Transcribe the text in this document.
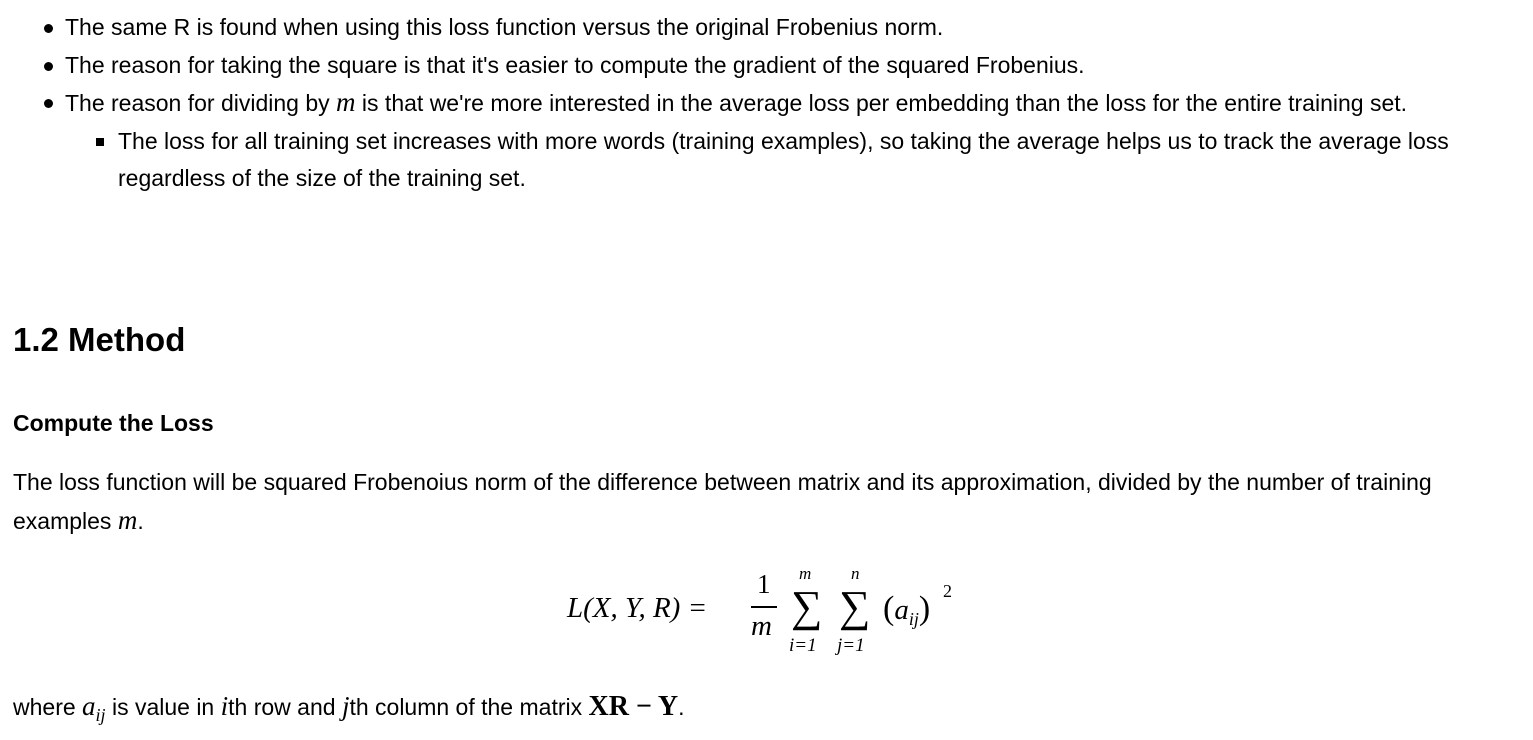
The same R is found when using this loss function versus the original Frobenius norm.
The reason for taking the square is that it's easier to compute the gradient of the squared Frobenius.
The reason for dividing by m is that we're more interested in the average loss per embedding than the loss for the entire training set.
The loss for all training set increases with more words (training examples), so taking the average helps us to track the average loss regardless of the size of the training set.
1.2 Method
Compute the Loss

The loss function will be squared Frobenoius norm of the difference between matrix and its approximation, divided by the number of training examples m.

L(X, Y, R) =
1
m
m
∑
i=1
n
∑
j=1
$(a_{ij})$ 2

where $a_{ij}$ is value in ith row and jth column of the matrix XR − Y.
